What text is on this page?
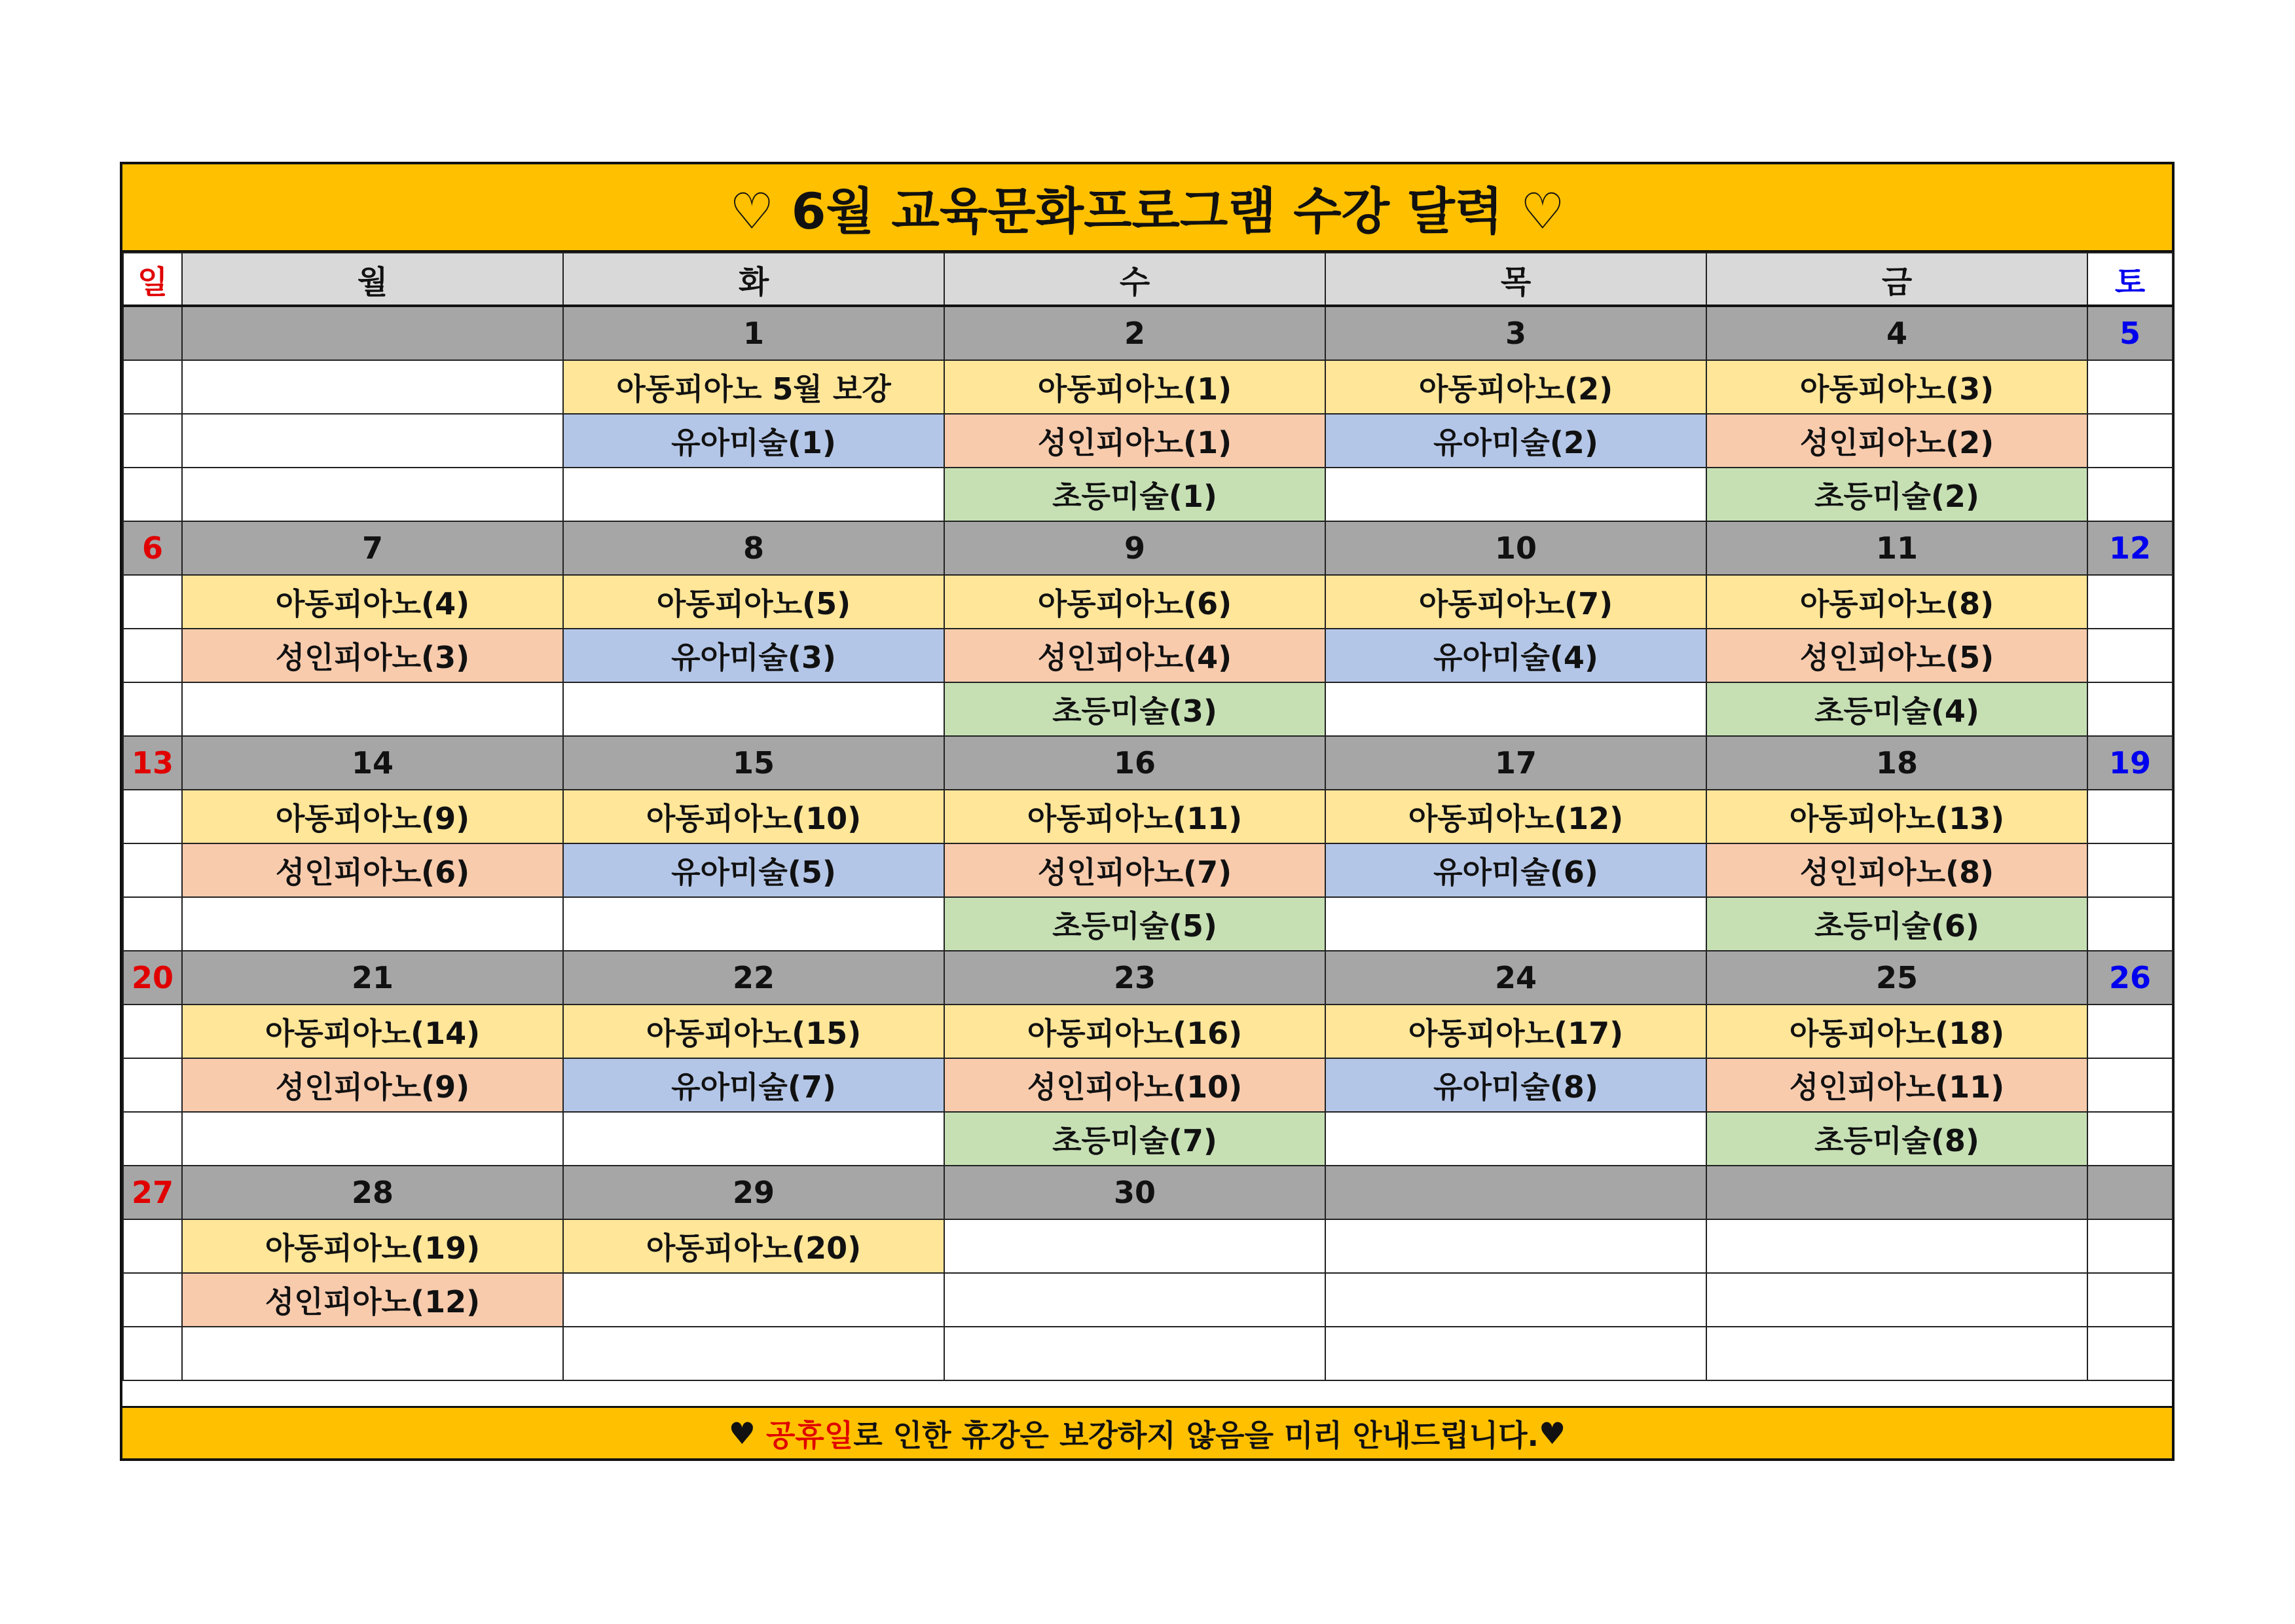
♡ 6월 교육문화프로그램 수강 달력 ♡
일	월	화	수	목	금	토
		1	2	3	4	5
		아동피아노 5월 보강	아동피아노(1)	아동피아노(2)	아동피아노(3)	
		유아미술(1)	성인피아노(1)	유아미술(2)	성인피아노(2)	
			초등미술(1)		초등미술(2)	
6	7	8	9	10	11	12
	아동피아노(4)	아동피아노(5)	아동피아노(6)	아동피아노(7)	아동피아노(8)	
	성인피아노(3)	유아미술(3)	성인피아노(4)	유아미술(4)	성인피아노(5)	
			초등미술(3)		초등미술(4)	
13	14	15	16	17	18	19
	아동피아노(9)	아동피아노(10)	아동피아노(11)	아동피아노(12)	아동피아노(13)	
	성인피아노(6)	유아미술(5)	성인피아노(7)	유아미술(6)	성인피아노(8)	
			초등미술(5)		초등미술(6)	
20	21	22	23	24	25	26
	아동피아노(14)	아동피아노(15)	아동피아노(16)	아동피아노(17)	아동피아노(18)	
	성인피아노(9)	유아미술(7)	성인피아노(10)	유아미술(8)	성인피아노(11)	
			초등미술(7)		초등미술(8)	
27	28	29	30			
	아동피아노(19)	아동피아노(20)				
	성인피아노(12)					

♥
공휴일 로 인한 휴강은 보강하지 않음을 미리 안내드립니다. ♥
